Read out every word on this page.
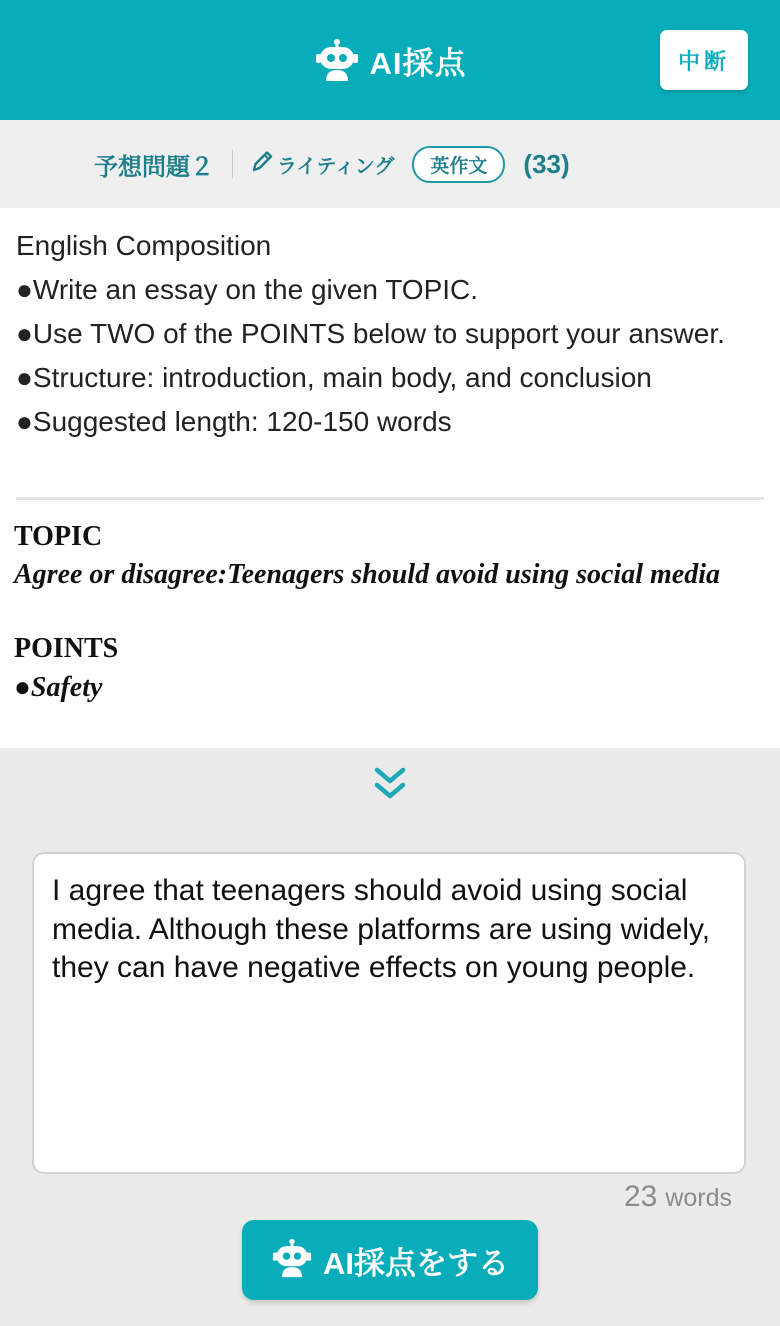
AI採点	中断
予想問題２	ライティング	英作文	(33)

English Composition

●Write an essay on the given TOPIC.

●Use TWO of the POINTS below to support your answer.

●Structure: introduction, main body, and conclusion

●Suggested length: 120-150 words

TOPIC
Agree or disagree:Teenagers should avoid using social media
POINTS
●Safety
I agree that teenagers should avoid using social media. Although these platforms are using widely, they can have negative effects on young people.
23 words
AI採点をする
